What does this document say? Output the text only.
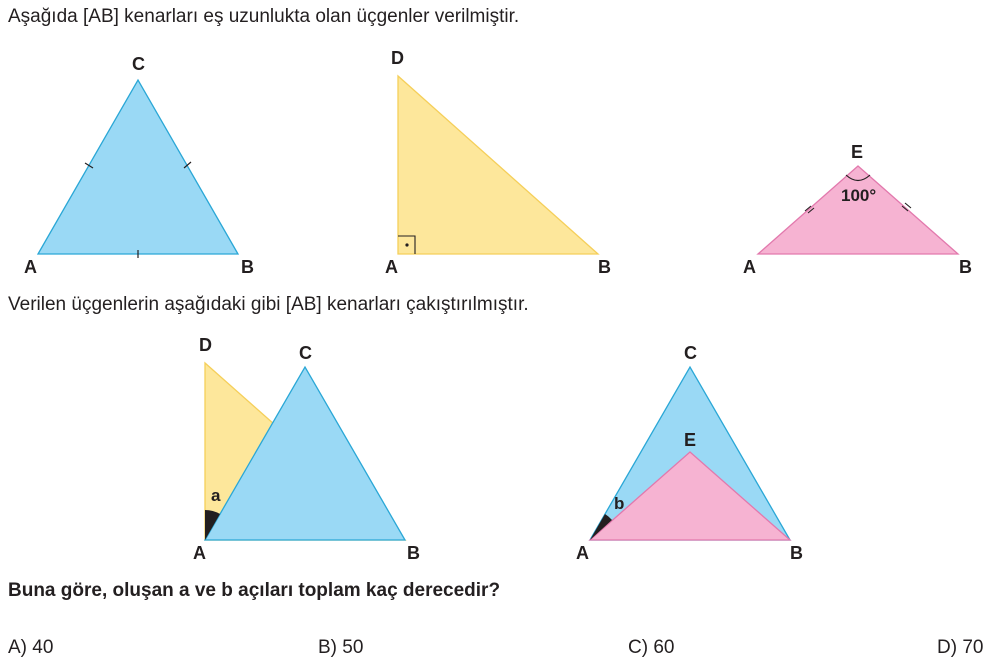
Aşağıda [AB] kenarları eş uzunlukta olan üçgenler verilmiştir.
Verilen üçgenlerin aşağıdaki gibi [AB] kenarları çakıştırılmıştır.
Buna göre, oluşan a ve b açıları toplam kaç derecedir?
A) 40	B) 50	C) 60	D) 70
A	B
C
A	B
D
A	B
E
100°
A	B
C
D
a
A	B
C
E
b
